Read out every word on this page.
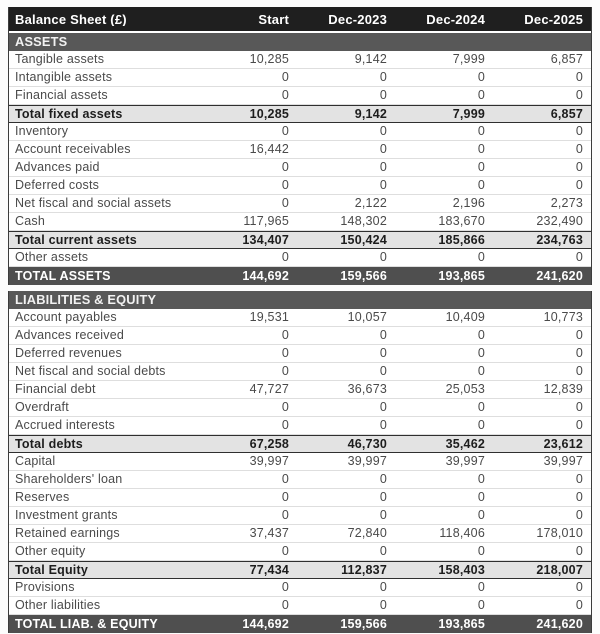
Balance Sheet (£)	Start	Dec-2023	Dec-2024	Dec-2025
ASSETS
Tangible assets	10,285	9,142	7,999	6,857
Intangible assets	0	0	0	0
Financial assets	0	0	0	0
Total fixed assets	10,285	9,142	7,999	6,857
Inventory	0	0	0	0
Account receivables	16,442	0	0	0
Advances paid	0	0	0	0
Deferred costs	0	0	0	0
Net fiscal and social assets	0	2,122	2,196	2,273
Cash	117,965	148,302	183,670	232,490
Total current assets	134,407	150,424	185,866	234,763
Other assets	0	0	0	0
TOTAL ASSETS	144,692	159,566	193,865	241,620
LIABILITIES & EQUITY
Account payables	19,531	10,057	10,409	10,773
Advances received	0	0	0	0
Deferred revenues	0	0	0	0
Net fiscal and social debts	0	0	0	0
Financial debt	47,727	36,673	25,053	12,839
Overdraft	0	0	0	0
Accrued interests	0	0	0	0
Total debts	67,258	46,730	35,462	23,612
Capital	39,997	39,997	39,997	39,997
Shareholders' loan	0	0	0	0
Reserves	0	0	0	0
Investment grants	0	0	0	0
Retained earnings	37,437	72,840	118,406	178,010
Other equity	0	0	0	0
Total Equity	77,434	112,837	158,403	218,007
Provisions	0	0	0	0
Other liabilities	0	0	0	0
TOTAL LIAB. & EQUITY	144,692	159,566	193,865	241,620
